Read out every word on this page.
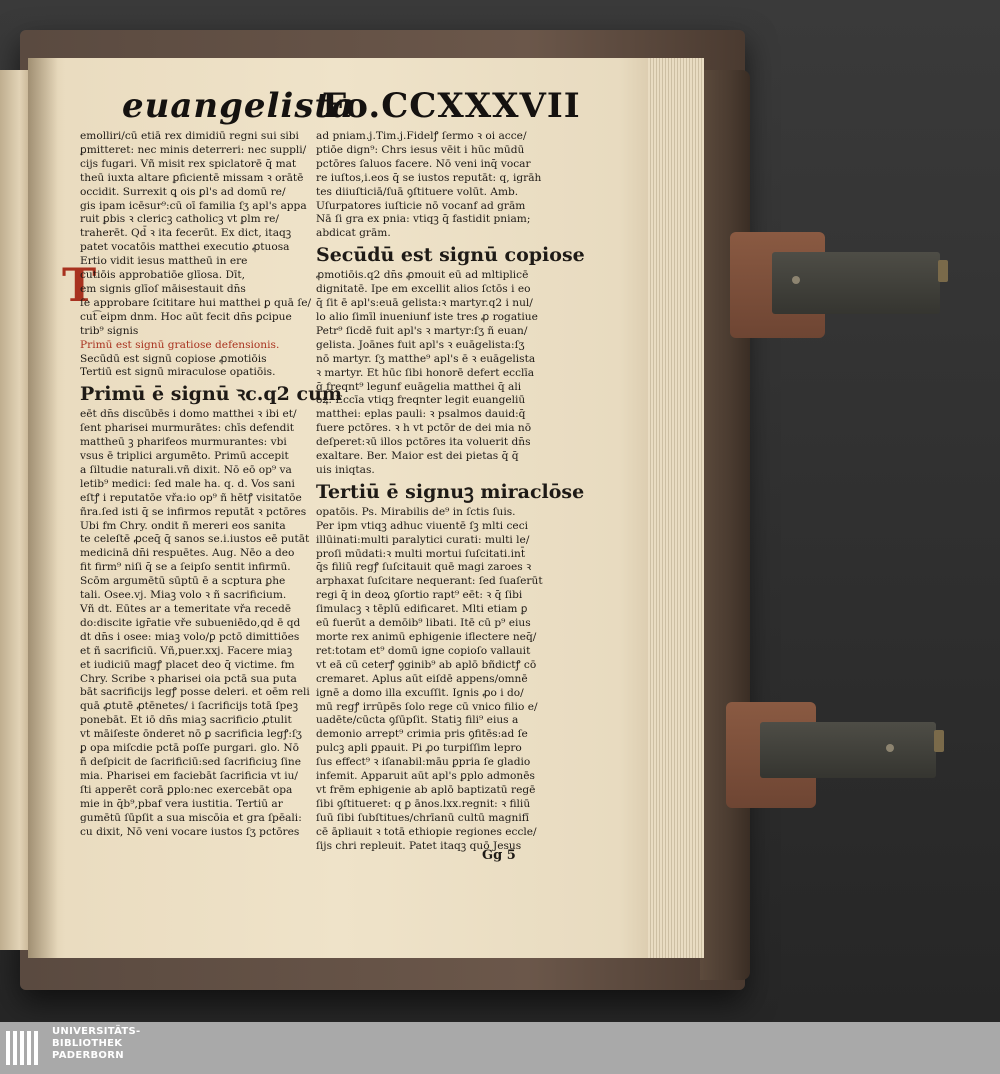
euangelista
Fo.CCXXXVII
T
emolliri/cū etiā rex dimidiū regni sui sibi
ꝑmitteret: nec minis deterreri: nec suppli/
cijs fugari. Vñ misit rex spiclatorē q̄ mat
theū iuxta altare ꝑficientē missam ꝛ orātē
occidit. Surrexit ꝗ ois ꝑl's ad domū re/
gis ipam icēsur⁹:cū oī familia ſʒ apl's appa
ruit ꝑbis ꝛ clericꝫ catholicꝫ vt ꝑlm re/
traherēt. Qd̄ ꝛ ita fecerūt. Ex dict, itaqꝫ
patet vocatōis matthei executio ꝓtuosa
Ertio vidit iesus mattheū in ere
cutiōis approbatiōe glīosa. Dīt,
em signis glīoſ māisestauit dn̄s
ſe approbare ſcititare hui matthei ꝑ quā ſe/
cut͡ eipm dnm. Hoc aūt fecit dn̄s ꝑcipue
trib⁹ signis
Primū est signū gratiose defensionis.
Secūdū est signū copiose ꝓmotiōis
Tertiū est signū miraculose opatiōis.
Primū ē signū ꝛc.q2 cum
eēt dn̄s discūbēs i domo matthei ꝛ ibi et/
ſent pharisei murmurātes: chīs defendit
mattheū ꝫ pharifeos murmurantes: vbi
vsus ē triplici argumēto. Primū accepit
a ſiltudie naturali.vñ dixit. Nō eō op⁹ va
letib⁹ medici: ſed male ha. q. d. Vos sani
eſtꝭ i reputatōe vřa:io op⁹ ñ hētꝭ visitatōe
ñra.ſed isti q̄ se infirmos reputāt ꝛ pctōres
Ubi fm Chry. ondit ñ mereri eos sanita
te celeſtē ꝓceq̄ q̄ sanos se.i.iustos eē putāt
medicinā dn̄i respuētes. Aug. Nēo a deo
fit firm⁹ niſi q̄ se a ſeipſo sentit infirmū.
Scōm argumētū sūptū ē a scptura ꝑhe
tali. Osee.vj. Miaꝫ volo ꝛ ñ sacrificium.
Vñ dt. Eūtes ar a temeritate vřa recedē
do:discite igr̄atie vře subueniēdo,qd ē qd
dt dn̄s i osee: miaꝫ volo/ꝑ pctō dimittiōes
et ñ sacrificiū. Vñ,puer.xxj. Facere miaꝫ
et iudiciū magꝭ placet deo q̄ victime. fm
Chry. Scribe ꝛ pharisei oia pctā sua puta
bāt sacrificijs legꝭ posse deleri. et oēm reli
quā ꝓtutē ꝓtēnetes/ i ſacrificijs totā ſpeꝫ
ponebāt. Et iō dn̄s miaꝫ sacrificio ꝓtulit
vt māiſeste ōnderet nō ꝑ sacrificia legꝭ:ſʒ
ꝑ opa miſcdie pctā poſſe purgari. glo. Nō
ñ deſpicit de ſacrificiū:sed ſacrificiuꝫ ſine
mia. Pharisei em faciebāt ſacrificia vt iu/
ſti apperēt corā ꝑplo:nec exercebāt opa
mie in q̄b⁹,pbaf vera iustitia. Tertiū ar
gumētū ſūpſit a sua miscōia et gra ſpēali:
cu dixit, Nō veni vocare iustos ſʒ pctōres
ad pniam.j.Tim.j.Fidelꝭ ſermo ꝛ oi acce/
ptiōe dign⁹: Chrs iesus vēit i hūc mūdū
pctōres ſaluos facere. Nō veni inq̄ vocar
re iuſtos,i.eos q̄ se iustos reputāt: q, igrāh
tes diiuſticiā/ſuā ꝯſtituere volūt. Amb.
Uſurpatores iuſticie nō vocanf ad grām
Nā ſi gra ex pnia: vtiqꝫ q̄ fastidit pniam;
abdicat grām.
Secūdū est signū copiose
ꝓmotiōis.q2 dn̄s ꝓmouit eū ad mltiplicē
dignitatē. Ipe em excellit alios ſctōs i eo
q̄ ſit ē apl's:euā gelista:ꝛ martyr.q2 i nul/
lo alio ſimīl inueniunf iste tres ꝓ rogatiue
Petr⁹ ſicdē fuit apl's ꝛ martyr:ſʒ ñ euan/
gelista. Joānes fuit apl's ꝛ euāgelista:ſʒ
nō martyr. ſʒ matthe⁹ apl's ē ꝛ euāgelista
ꝛ martyr. Et hūc ſibi honorē defert ecclīa
q̄ freqnt⁹ legunf euāgelia matthei q̄ ali
oꝝ. Eccīa vtiqꝫ freqnter legit euangeliū
matthei: eplas pauli: ꝛ psalmos dauid:q̄
fuere pctōres. ꝛ h vt pctōr de dei mia nō
deſperet:ꝛū illos pctōres ita voluerit dn̄s
exaltare. Ber. Maior est dei pietas q̄ q̄
uis iniqtas.
Tertiū ē signuꝫ miraclōse
opatōis. Ps. Mirabilis de⁹ in ſctis ſuis.
Per ipm vtiqꝫ adhuc viuentē ſꝫ mlti ceci
illūinati:multi paralytici curati: multi le/
proſi mūdati:ꝛ multi mortui ſuſcitati.int̄
q̄s filiū regꝭ ſuſcitauit quē magi zaroes ꝛ
arphaxat ſuſcitare nequerant: ſed ſuaſerūt
regi q̄ in deoꝝ ꝯſortio rapt⁹ eēt: ꝛ q̄ ſibi
ſimulacꝫ ꝛ tēplū edificaret. Mlti etiam ꝑ
eū fuerūt a demōib⁹ libati. Itē cū p⁹ eius
morte rex animū ephigenie iflectere neq̄/
ret:totam et⁹ domū igne copioſo vallauit
vt eā cū ceterꝭ ꝯginib⁹ ab aplō bñdictꝭ cō
cremaret. Aplus aūt eiſdē appens/omnē
ignē a domo illa excuſſit. Ignis ꝓo i do/
mū regꝭ irrūpēs ſolo rege cū vnico filio e/
uadēte/cūcta ꝯſūpſit. Statiꝫ fili⁹ eius a
demonio arrept⁹ crimia pris ꝯfitēs:ad ſe
pulcꝫ apli ꝑpauit. Pi ꝓo turpiſſim lepro
ſus effect⁹ ꝛ iſanabil:māu ꝑpria ſe gladio
infemit. Apparuit aūt apl's ꝑplo admonēs
vt frēm ephigenie ab aplō baptizatū regē
ſibi ꝯſtitueret: q ꝑ ānos.lxx.regnit: ꝛ filiū
ſuū ſibi ſubſtitues/chrīanū cultū magnifī
cē āpliauit ꝛ totā ethiopie regiones eccle/
ſijs chri repleuit. Patet itaqꝫ quō Jesus
Gg 5
UNIVERSITÄTS-
BIBLIOTHEK
PADERBORN
